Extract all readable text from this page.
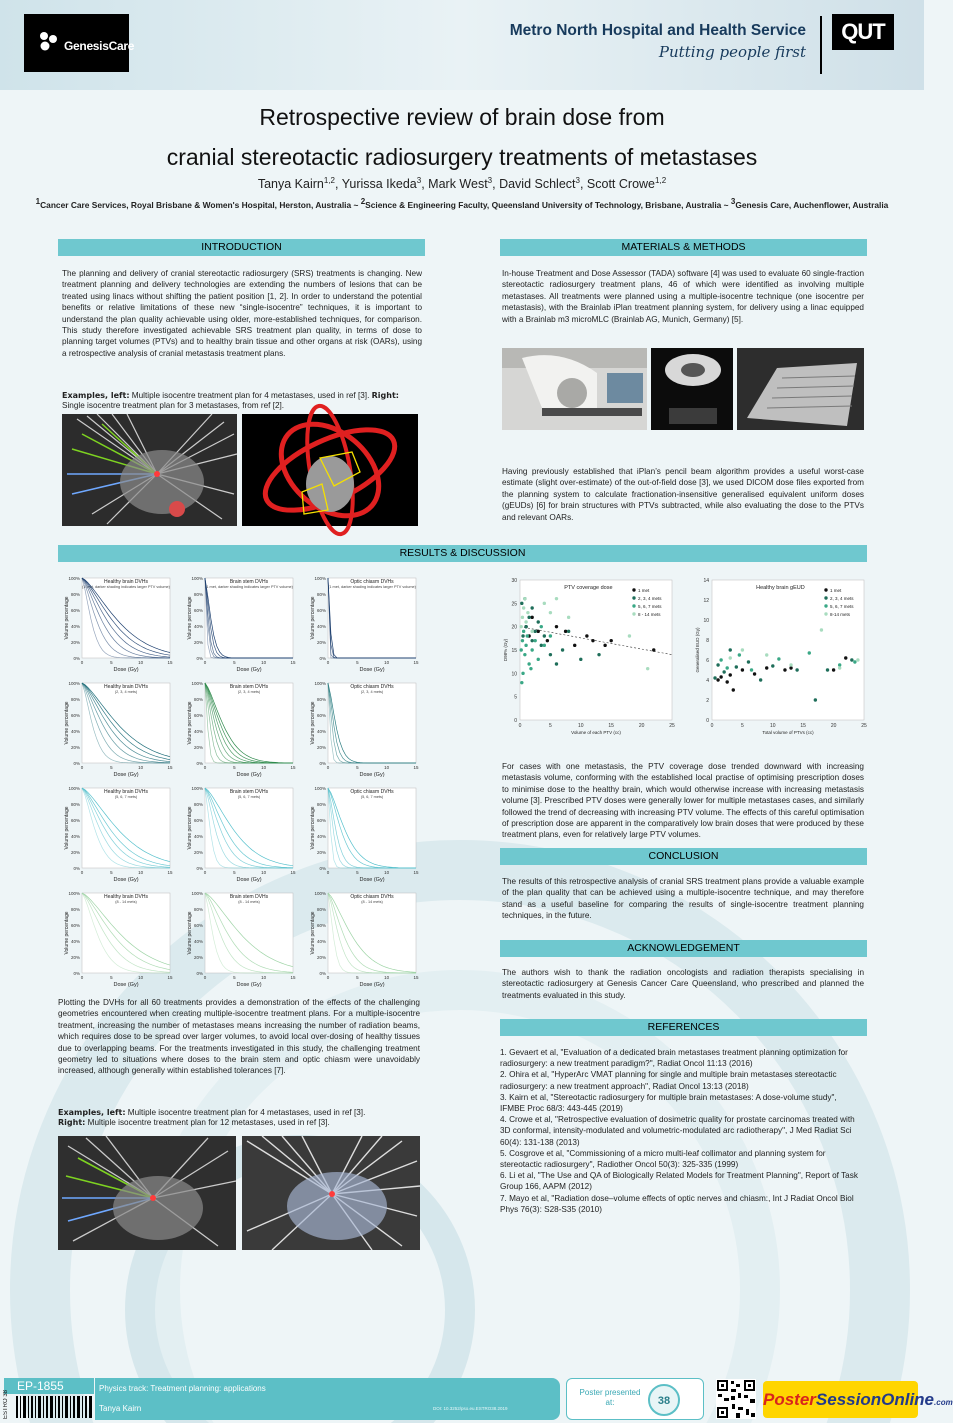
GenesisCare
Metro North Hospital and Health Service
Putting people first
QUT
Retrospective review of brain dose from
cranial stereotactic radiosurgery treatments of metastases
Tanya Kairn$^{1,2}$, Yurissa Ikeda$^3$, Mark West$^3$, David Schlect$^3$, Scott Crowe$^{1,2}$
$^1$Cancer Care Services, Royal Brisbane & Women's Hospital, Herston, Australia ~ $^2$Science & Engineering Faculty, Queensland University of Technology, Brisbane, Australia ~ $^3$Genesis Care, Auchenflower, Australia
INTRODUCTION
The planning and delivery of cranial stereotactic radiosurgery (SRS) treatments is changing. New treatment planning and delivery technologies are extending the numbers of lesions that can be treated using linacs without shifting the patient position [1, 2]. In order to understand the potential benefits or relative limitations of these new “single-isocentre” techniques, it is important to understand the plan quality achievable using older, more-established techniques, for comparison. This study therefore investigated achievable SRS treatment plan quality, in terms of dose to planning target volumes (PTVs) and to healthy brain tissue and other organs at risk (OARs), using a retrospective analysis of cranial metastasis treatment plans.
Examples, left: Multiple isocentre treatment plan for 4 metastases, used in ref [3]. Right: Single isocentre treatment plan for 3 metastases, from ref [2].
MATERIALS & METHODS
In-house Treatment and Dose Assessor (TADA) software [4] was used to evaluate 60 single-fraction stereotactic radiosurgery treatment plans, 46 of which were identified as involving multiple metastases. All treatments were planned using a multiple-isocentre technique (one isocentre per metastasis), with the Brainlab iPlan treatment planning system, for delivery using a linac equipped with a Brainlab m3 microMLC (Brainlab AG, Munich, Germany) [5].
Having previously established that iPlan’s pencil beam algorithm provides a useful worst-case estimate (slight over-estimate) of the out-of-field dose [3], we used DICOM dose files exported from the planning system to calculate fractionation-insensitive generalised equivalent uniform doses (gEUDs) [6] for brain structures with PTVs subtracted, while also evaluating the dose to the PTVs and relevant OARs.
RESULTS & DISCUSSION
100%
80%
60%
40%
20%
0%
0	5	10	15
Dose (Gy)
Volume percentage
Healthy brain DVHs
(1 met, darker shading indicates larger PTV volume)
100%
80%
60%
40%
20%
0%
0	5	10	15
Dose (Gy)
Volume percentage
Brain stem DVHs
(1 met, darker shading indicates larger PTV volume)
100%
80%
60%
40%
20%
0%
0	5	10	15
Dose (Gy)
Volume percentage
Optic chiasm DVHs
(1 met, darker shading indicates larger PTV volume)
100%
80%
60%
40%
20%
0%
0	5	10	15
Dose (Gy)
Volume percentage
Healthy brain DVHs
(2, 3, 4 mets)
100%
80%
60%
40%
20%
0%
0	5	10	15
Dose (Gy)
Volume percentage
Brain stem DVHs
(2, 3, 4 mets)
100%
80%
60%
40%
20%
0%
0	5	10	15
Dose (Gy)
Volume percentage
Optic chiasm DVHs
(2, 3, 4 mets)
100%
80%
60%
40%
20%
0%
0	5	10	15
Dose (Gy)
Volume percentage
Healthy brain DVHs
(5, 6, 7 mets)
100%
80%
60%
40%
20%
0%
0	5	10	15
Dose (Gy)
Volume percentage
Brain stem DVHs
(5, 6, 7 mets)
100%
80%
60%
40%
20%
0%
0	5	10	15
Dose (Gy)
Volume percentage
Optic chiasm DVHs
(5, 6, 7 mets)
100%
80%
60%
40%
20%
0%
0	5	10	15
Dose (Gy)
Volume percentage
Healthy brain DVHs
(8 - 14 mets)
100%
80%
60%
40%
20%
0%
0	5	10	15
Dose (Gy)
Volume percentage
Brain stem DVHs
(8 - 14 mets)
100%
80%
60%
40%
20%
0%
0	5	10	15
Dose (Gy)
Volume percentage
Optic chiasm DVHs
(8 - 14 mets)
Plotting the DVHs for all 60 treatments provides a demonstration of the effects of the challenging geometries encountered when creating multiple-isocentre treatment plans. For a multiple-isocentre treatment, increasing the number of metastases means increasing the number of radiation beams, which requires dose to be spread over larger volumes, to avoid local over-dosing of healthy tissues due to overlapping beams. For the treatments investigated in this study, the challenging treatment geometry led to situations where doses to the brain stem and optic chiasm were unavoidably increased, although generally within established tolerances [7].
Examples, left: Multiple isocentre treatment plan for 4 metastases, used in ref [3].
Right: Multiple isocentre treatment plan for 12 metastases, used in ref [3].
0
5
10
15
20
25
30
0	5	10	15	20	25
Volume of each PTV (cc)
D98% (Gy)
PTV coverage dose	1 met
2, 3, 4 mets
5, 6, 7 mets
8 - 14 mets
0
2
4
6
8
10
12
14
0	5	10	15	20	25
Total volume of PTVs (cc)
Generalised EUD (Gy)
Healthy brain gEUD	1 met
2, 3, 4 mets
5, 6, 7 mets
8-14 mets
For cases with one metastasis, the PTV coverage dose trended downward with increasing metastasis volume, conforming with the established local practise of optimising prescription doses to minimise dose to the healthy brain, which would otherwise increase with increasing metastasis volume [3]. Prescribed PTV doses were generally lower for multiple metastases cases, and similarly followed the trend of decreasing with increasing PTV volume. The effects of this careful optimisation of prescription dose are apparent in the comparatively low brain doses that were produced by these treatment plans, even for relatively large PTV volumes.
CONCLUSION
The results of this retrospective analysis of cranial SRS treatment plans provide a valuable example of the plan quality that can be achieved using a multiple-isocentre technique, and may therefore stand as a useful baseline for comparing the results of single-isocentre treatment planning techniques, in the future.
ACKNOWLEDGEMENT
The authors wish to thank the radiation oncologists and radiation therapists specialising in stereotactic radiosurgery at Genesis Cancer Care Queensland, who prescribed and planned the treatments evaluated in this study.
REFERENCES
1. Gevaert et al, "Evaluation of a dedicated brain metastases treatment planning optimization for radiosurgery: a new treatment paradigm?", Radiat Oncol 11:13 (2016)
2. Ohira et al, "HyperArc VMAT planning for single and multiple brain metastases stereotactic radiosurgery: a new treatment approach", Radiat Oncol 13:13 (2018)
3. Kairn et al, "Stereotactic radiosurgery for multiple brain metastases: A dose-volume study", IFMBE Proc 68/3: 443-445 (2019)
4. Crowe et al, "Retrospective evaluation of dosimetric quality for prostate carcinomas treated with 3D conformal, intensity-modulated and volumetric-modulated arc radiotherapy", J Med Radiat Sci 60(4): 131-138 (2013)
5. Cosgrove et al, "Commissioning of a micro multi-leaf collimator and planning system for stereotactic radiosurgery", Radiother Oncol 50(3): 325-335 (1999)
6. Li et al, "The Use and QA of Biologically Related Models for Treatment Planning", Report of Task Group 166, AAPM (2012)
7. Mayo et al, "Radiation dose–volume effects of optic nerves and chiasm:, Int J Radiat Oncol Biol Phys 76(3): S28-S35 (2010)
EP-1855
ESTRO 38
Physics track: Treatment planning: applications
Tanya Kairn	DOI: 10.3252/pso.eu.ESTRO38.2019
Poster presented at:	38	PosterSessionOnline.com
